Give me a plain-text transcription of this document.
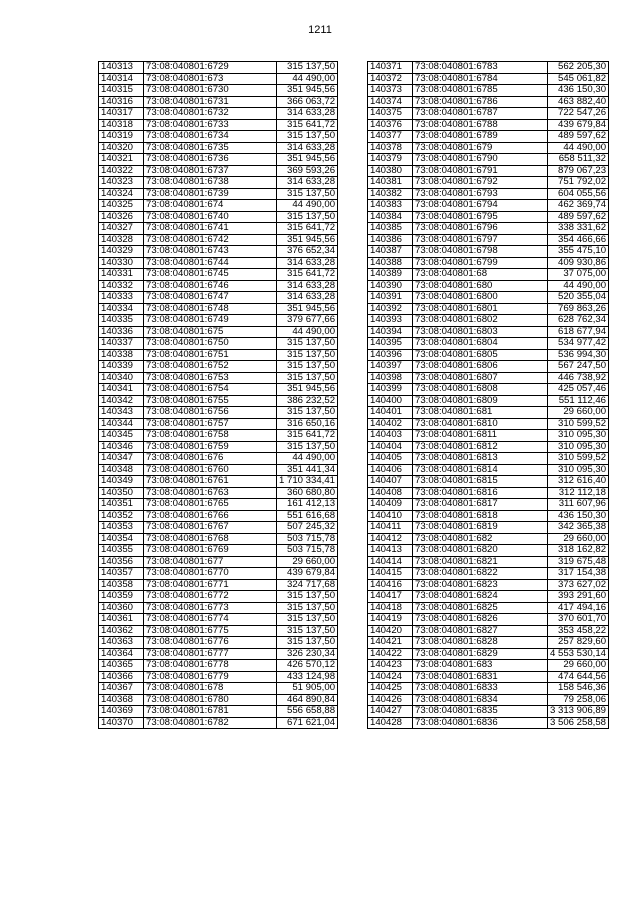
1211
140313	73:08:040801:6729	315 137,50
140314	73:08:040801:673	44 490,00
140315	73:08:040801:6730	351 945,56
140316	73:08:040801:6731	366 063,72
140317	73:08:040801:6732	314 633,28
140318	73:08:040801:6733	315 641,72
140319	73:08:040801:6734	315 137,50
140320	73:08:040801:6735	314 633,28
140321	73:08:040801:6736	351 945,56
140322	73:08:040801:6737	369 593,26
140323	73:08:040801:6738	314 633,28
140324	73:08:040801:6739	315 137,50
140325	73:08:040801:674	44 490,00
140326	73:08:040801:6740	315 137,50
140327	73:08:040801:6741	315 641,72
140328	73:08:040801:6742	351 945,56
140329	73:08:040801:6743	376 652,34
140330	73:08:040801:6744	314 633,28
140331	73:08:040801:6745	315 641,72
140332	73:08:040801:6746	314 633,28
140333	73:08:040801:6747	314 633,28
140334	73:08:040801:6748	351 945,56
140335	73:08:040801:6749	379 677,66
140336	73:08:040801:675	44 490,00
140337	73:08:040801:6750	315 137,50
140338	73:08:040801:6751	315 137,50
140339	73:08:040801:6752	315 137,50
140340	73:08:040801:6753	315 137,50
140341	73:08:040801:6754	351 945,56
140342	73:08:040801:6755	386 232,52
140343	73:08:040801:6756	315 137,50
140344	73:08:040801:6757	316 650,16
140345	73:08:040801:6758	315 641,72
140346	73:08:040801:6759	315 137,50
140347	73:08:040801:676	44 490,00
140348	73:08:040801:6760	351 441,34
140349	73:08:040801:6761	1 710 334,41
140350	73:08:040801:6763	360 680,80
140351	73:08:040801:6765	161 412,13
140352	73:08:040801:6766	551 616,68
140353	73:08:040801:6767	507 245,32
140354	73:08:040801:6768	503 715,78
140355	73:08:040801:6769	503 715,78
140356	73:08:040801:677	29 660,00
140357	73:08:040801:6770	439 679,84
140358	73:08:040801:6771	324 717,68
140359	73:08:040801:6772	315 137,50
140360	73:08:040801:6773	315 137,50
140361	73:08:040801:6774	315 137,50
140362	73:08:040801:6775	315 137,50
140363	73:08:040801:6776	315 137,50
140364	73:08:040801:6777	326 230,34
140365	73:08:040801:6778	426 570,12
140366	73:08:040801:6779	433 124,98
140367	73:08:040801:678	51 905,00
140368	73:08:040801:6780	464 890,84
140369	73:08:040801:6781	556 658,88
140370	73:08:040801:6782	671 621,04
140371	73:08:040801:6783	562 205,30
140372	73:08:040801:6784	545 061,82
140373	73:08:040801:6785	436 150,30
140374	73:08:040801:6786	463 882,40
140375	73:08:040801:6787	722 547,26
140376	73:08:040801:6788	439 679,84
140377	73:08:040801:6789	489 597,62
140378	73:08:040801:679	44 490,00
140379	73:08:040801:6790	658 511,32
140380	73:08:040801:6791	879 067,23
140381	73:08:040801:6792	751 792,02
140382	73:08:040801:6793	604 055,56
140383	73:08:040801:6794	462 369,74
140384	73:08:040801:6795	489 597,62
140385	73:08:040801:6796	338 331,62
140386	73:08:040801:6797	354 466,66
140387	73:08:040801:6798	355 475,10
140388	73:08:040801:6799	409 930,86
140389	73:08:040801:68	37 075,00
140390	73:08:040801:680	44 490,00
140391	73:08:040801:6800	520 355,04
140392	73:08:040801:6801	769 863,26
140393	73:08:040801:6802	628 762,34
140394	73:08:040801:6803	618 677,94
140395	73:08:040801:6804	534 977,42
140396	73:08:040801:6805	536 994,30
140397	73:08:040801:6806	567 247,50
140398	73:08:040801:6807	446 738,92
140399	73:08:040801:6808	425 057,46
140400	73:08:040801:6809	551 112,46
140401	73:08:040801:681	29 660,00
140402	73:08:040801:6810	310 599,52
140403	73:08:040801:6811	310 095,30
140404	73:08:040801:6812	310 095,30
140405	73:08:040801:6813	310 599,52
140406	73:08:040801:6814	310 095,30
140407	73:08:040801:6815	312 616,40
140408	73:08:040801:6816	312 112,18
140409	73:08:040801:6817	311 607,96
140410	73:08:040801:6818	436 150,30
140411	73:08:040801:6819	342 365,38
140412	73:08:040801:682	29 660,00
140413	73:08:040801:6820	318 162,82
140414	73:08:040801:6821	319 675,48
140415	73:08:040801:6822	317 154,38
140416	73:08:040801:6823	373 627,02
140417	73:08:040801:6824	393 291,60
140418	73:08:040801:6825	417 494,16
140419	73:08:040801:6826	370 601,70
140420	73:08:040801:6827	353 458,22
140421	73:08:040801:6828	257 829,60
140422	73:08:040801:6829	4 553 530,14
140423	73:08:040801:683	29 660,00
140424	73:08:040801:6831	474 644,56
140425	73:08:040801:6833	158 546,36
140426	73:08:040801:6834	79 258,06
140427	73:08:040801:6835	3 313 906,89
140428	73:08:040801:6836	3 506 258,58
